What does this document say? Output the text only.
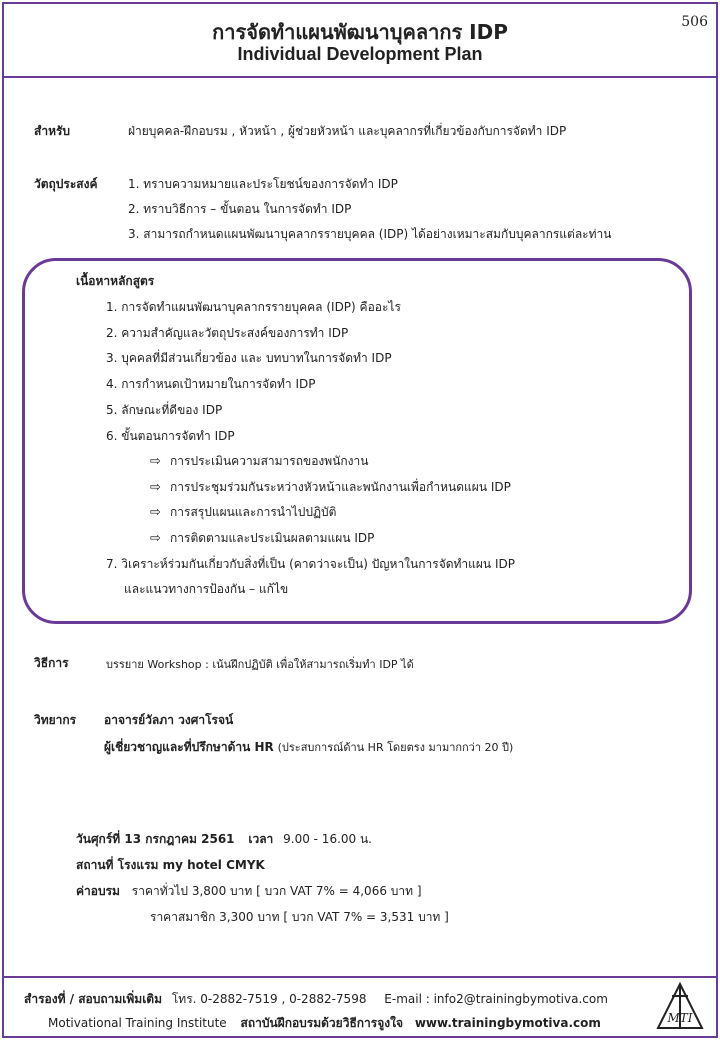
506
การจัดทำแผนพัฒนาบุคลากร IDP
Individual Development Plan
สำหรับ	ฝ่ายบุคคล-ฝึกอบรม , หัวหน้า , ผู้ช่วยหัวหน้า และบุคลากรที่เกี่ยวข้องกับการจัดทำ IDP
วัตถุประสงค์	1. ทราบความหมายและประโยชน์ของการจัดทำ IDP
2. ทราบวิธีการ – ขั้นตอน ในการจัดทำ IDP
3. สามารถกำหนดแผนพัฒนาบุคลากรรายบุคคล (IDP) ได้อย่างเหมาะสมกับบุคลากรแต่ละท่าน
เนื้อหาหลักสูตร
1. การจัดทำแผนพัฒนาบุคลากรรายบุคคล (IDP) คืออะไร
2. ความสำคัญและวัตถุประสงค์ของการทำ IDP
3. บุคคลที่มีส่วนเกี่ยวข้อง และ บทบาทในการจัดทำ IDP
4. การกำหนดเป้าหมายในการจัดทำ IDP
5. ลักษณะที่ดีของ IDP
6. ขั้นตอนการจัดทำ IDP
⇨ การประเมินความสามารถของพนักงาน
⇨ การประชุมร่วมกันระหว่างหัวหน้าและพนักงานเพื่อกำหนดแผน IDP
⇨ การสรุปแผนและการนำไปปฏิบัติ
⇨ การติดตามและประเมินผลตามแผน IDP
7. วิเคราะห์ร่วมกันเกี่ยวกับสิ่งที่เป็น (คาดว่าจะเป็น) ปัญหาในการจัดทำแผน IDP
และแนวทางการป้องกัน – แก้ไข
วิธีการ	บรรยาย Workshop : เน้นฝึกปฏิบัติ เพื่อให้สามารถเริ่มทำ IDP ได้
วิทยากร อาจารย์วัลภา วงศาโรจน์
ผู้เชี่ยวชาญและที่ปรึกษาด้าน HR (ประสบการณ์ด้าน HR โดยตรง มามากกว่า 20 ปี)
วันศุกร์ที่ 13 กรกฎาคม 2561 เวลา 9.00 - 16.00 น.
สถานที่ โรงแรม my hotel CMYK
ค่าอบรม ราคาทั่วไป 3,800 บาท [ บวก VAT 7% = 4,066 บาท ]
ราคาสมาชิก 3,300 บาท [ บวก VAT 7% = 3,531 บาท ]
สำรองที่ / สอบถามเพิ่มเติม โทร. 0-2882-7519 , 0-2882-7598 E-mail : info2@trainingbymotiva.com
Motivational Training Institute สถาบันฝึกอบรมด้วยวิธีการจูงใจ www.trainingbymotiva.com	MTI
